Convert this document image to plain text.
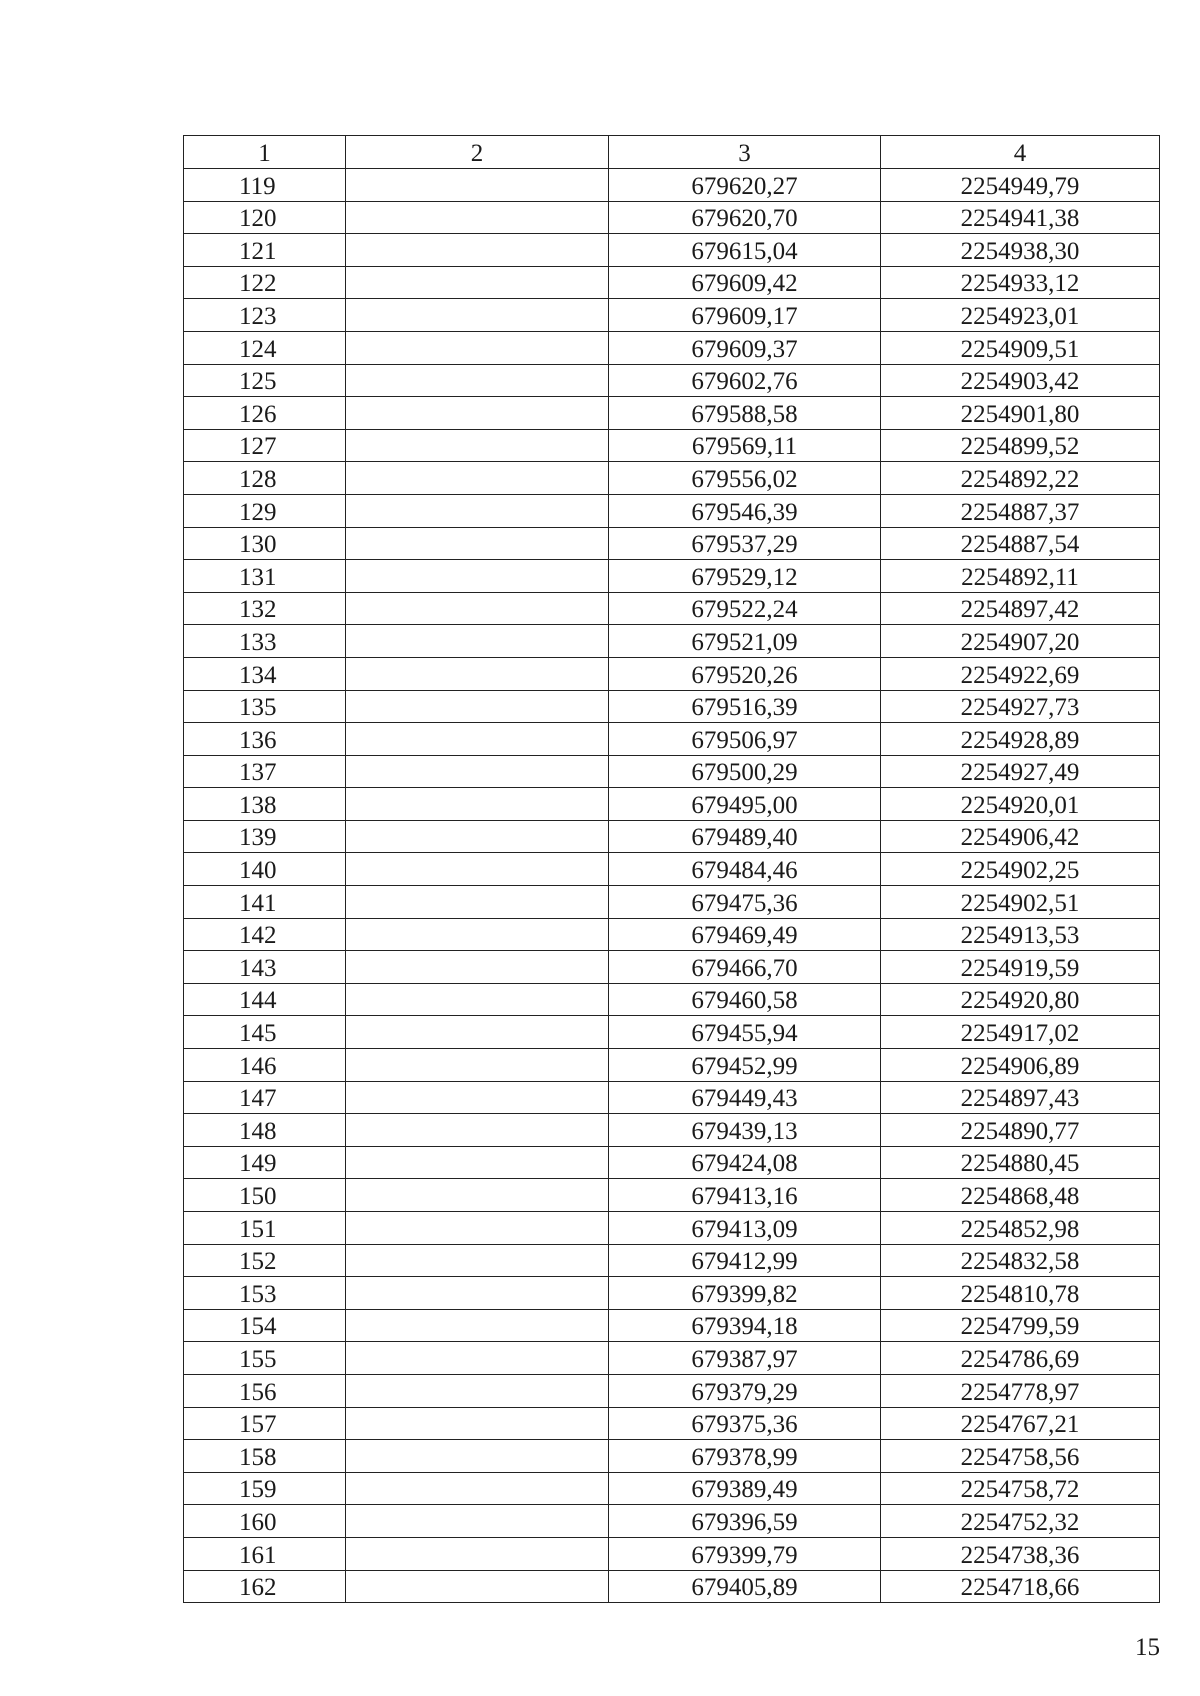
1	2	3	4
119		679620,27	2254949,79
120		679620,70	2254941,38
121		679615,04	2254938,30
122		679609,42	2254933,12
123		679609,17	2254923,01
124		679609,37	2254909,51
125		679602,76	2254903,42
126		679588,58	2254901,80
127		679569,11	2254899,52
128		679556,02	2254892,22
129		679546,39	2254887,37
130		679537,29	2254887,54
131		679529,12	2254892,11
132		679522,24	2254897,42
133		679521,09	2254907,20
134		679520,26	2254922,69
135		679516,39	2254927,73
136		679506,97	2254928,89
137		679500,29	2254927,49
138		679495,00	2254920,01
139		679489,40	2254906,42
140		679484,46	2254902,25
141		679475,36	2254902,51
142		679469,49	2254913,53
143		679466,70	2254919,59
144		679460,58	2254920,80
145		679455,94	2254917,02
146		679452,99	2254906,89
147		679449,43	2254897,43
148		679439,13	2254890,77
149		679424,08	2254880,45
150		679413,16	2254868,48
151		679413,09	2254852,98
152		679412,99	2254832,58
153		679399,82	2254810,78
154		679394,18	2254799,59
155		679387,97	2254786,69
156		679379,29	2254778,97
157		679375,36	2254767,21
158		679378,99	2254758,56
159		679389,49	2254758,72
160		679396,59	2254752,32
161		679399,79	2254738,36
162		679405,89	2254718,66
15
